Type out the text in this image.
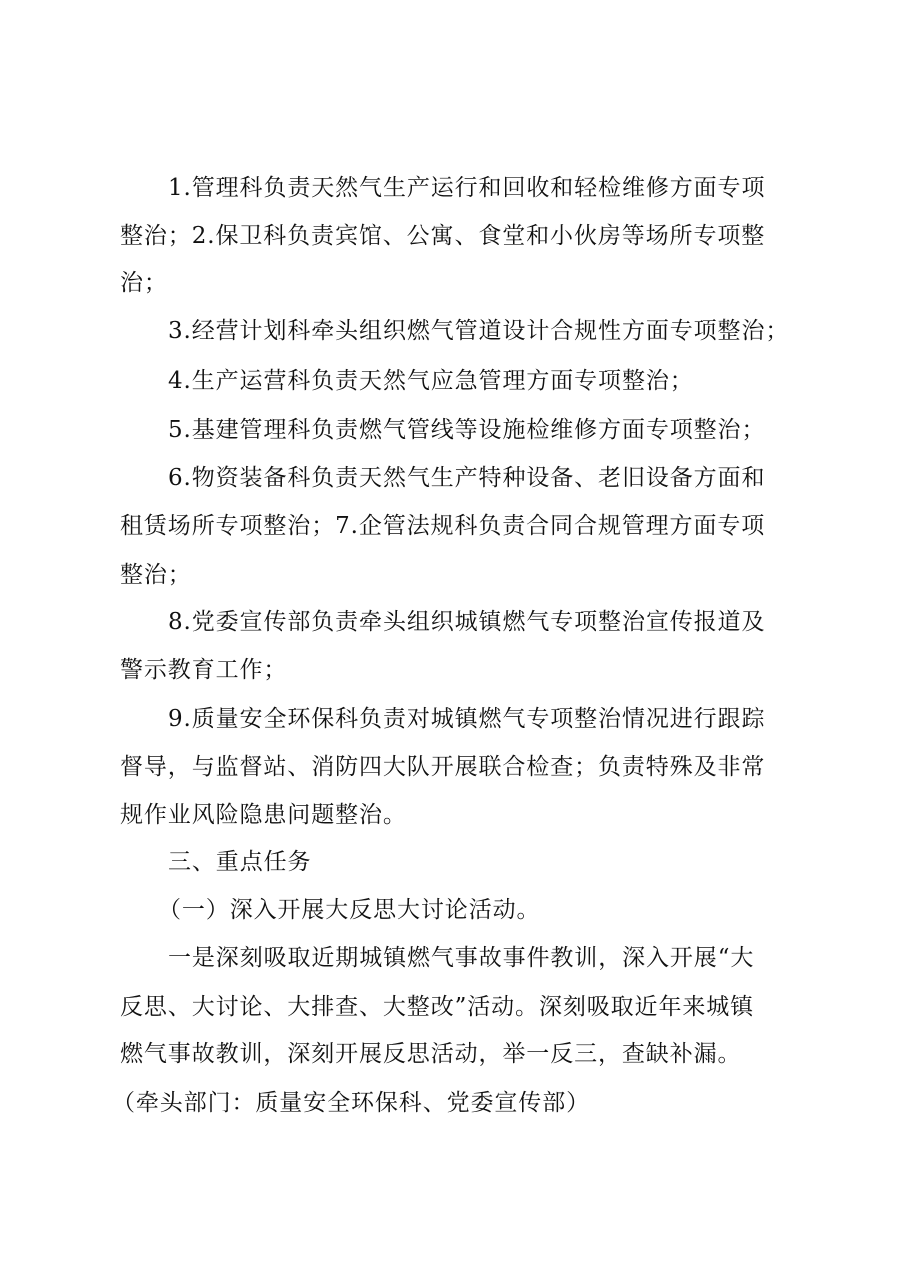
1.管理科负责天然气生产运行和回收和轻检维修方面专项
整治；2.保卫科负责宾馆、公寓、食堂和小伙房等场所专项整
治；
3.经营计划科牵头组织燃气管道设计合规性方面专项整治；
4.生产运营科负责天然气应急管理方面专项整治；
5.基建管理科负责燃气管线等设施检维修方面专项整治；
6.物资装备科负责天然气生产特种设备、老旧设备方面和
租赁场所专项整治；7.企管法规科负责合同合规管理方面专项
整治；
8.党委宣传部负责牵头组织城镇燃气专项整治宣传报道及
警示教育工作；
9.质量安全环保科负责对城镇燃气专项整治情况进行跟踪
督导，与监督站、消防四大队开展联合检查；负责特殊及非常
规作业风险隐患问题整治。
三、重点任务
（一）深入开展大反思大讨论活动。
一是深刻吸取近期城镇燃气事故事件教训，深入开展“大
反思、大讨论、大排查、大整改”活动。深刻吸取近年来城镇
燃气事故教训，深刻开展反思活动，举一反三，查缺补漏。
（牵头部门：质量安全环保科、党委宣传部）
